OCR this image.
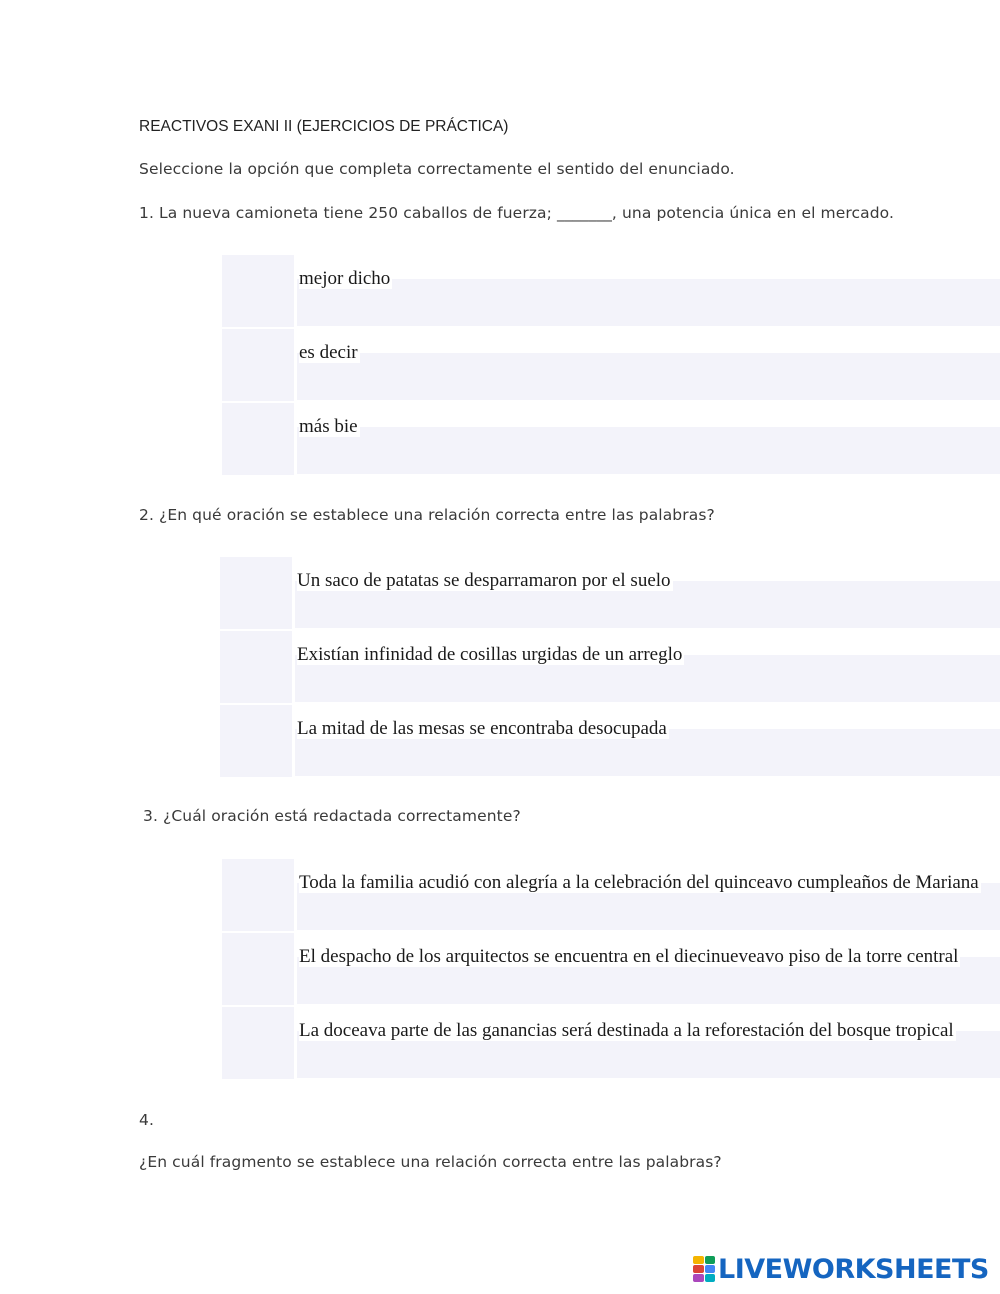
REACTIVOS EXANI II (EJERCICIOS DE PRÁCTICA)
Seleccione la opción que completa correctamente el sentido del enunciado.
1. La nueva camioneta tiene 250 caballos de fuerza; _______, una potencia única en el mercado.
mejor dicho
es decir
más bie
2. ¿En qué oración se establece una relación correcta entre las palabras?
Un saco de patatas se desparramaron por el suelo
Existían infinidad de cosillas urgidas de un arreglo
La mitad de las mesas se encontraba desocupada
3. ¿Cuál oración está redactada correctamente?
Toda la familia acudió con alegría a la celebración del quinceavo cumpleaños de Mariana
El despacho de los arquitectos se encuentra en el diecinueveavo piso de la torre central
La doceava parte de las ganancias será destinada a la reforestación del bosque tropical
4.
¿En cuál fragmento se establece una relación correcta entre las palabras?
LIVEWORKSHEETS
